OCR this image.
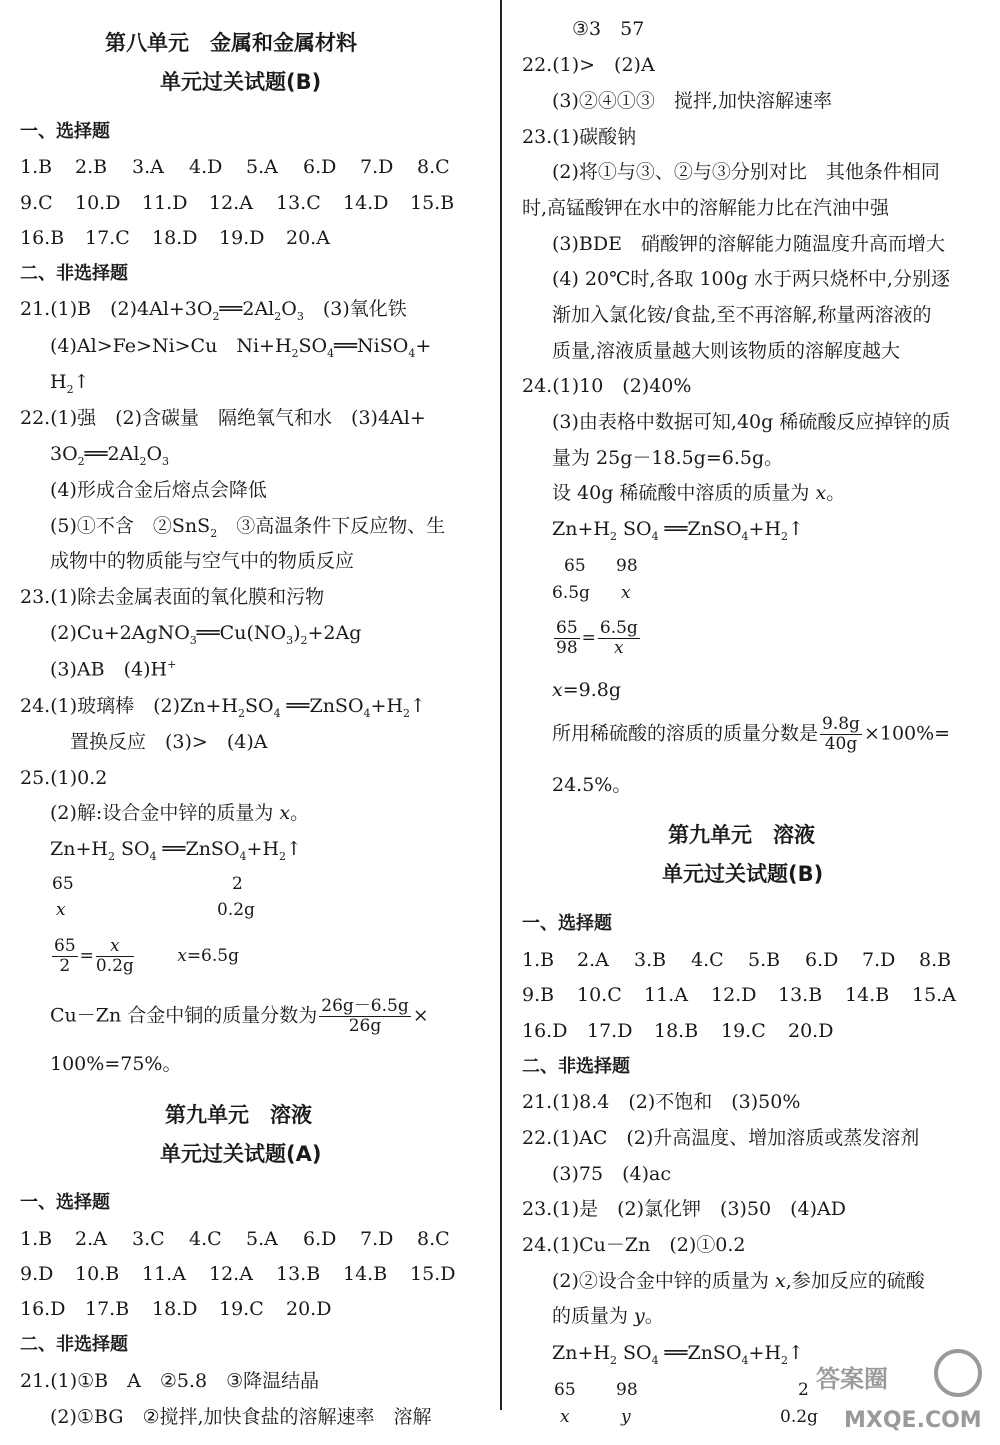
第八单元　金属和金属材料
单元过关试题(B)
一、选择题
1.B 2.B 3.A 4.D 5.A 6.D 7.D 8.C
9.C 10.D 11.D 12.A 13.C 14.D 15.B
16.B 17.C 18.D 19.D 20.A
二、非选择题
21.(1)B　$(2)4Al+3O_2══2Al_2O_3$　(3)氧化铁
(4)Al>Fe>Ni>Cu　$Ni+H_2SO_4══NiSO_4+$
$H_2↑$
22.(1)强　(2)含碳量　隔绝氧气和水　(3)4Al+
$3O_2══2Al_2O_3$
(4)形成合金后熔点会降低
(5)①不含　②SnS$_2$　③高温条件下反应物、生
成物中的物质能与空气中的物质反应
23.(1)除去金属表面的氧化膜和污物
$(2)Cu+2AgNO_3══Cu(NO_3)_2+2Ag$
(3)AB　(4)H+
24.(1)玻璃棒　$(2)Zn+H_2SO_4$ $══ZnSO_4+H_2↑$
置换反应　(3)>　(4)A
25.(1)0.2
(2)解:设合金中锌的质量为 x。
$Zn+H_2$ $SO_4$ $══ZnSO_4+H_2↑$
65	2
x	0.2g
$\frac{65}{2} = \frac{x}{0.2g}$	x=6.5g
Cu－Zn 合金中铜的质量分数为 $\frac{26g-6.5g}{26g}$ ×
100%=75%。
第九单元　溶液
单元过关试题(A)
一、选择题
1.B 2.A 3.C 4.C 5.A 6.D 7.D 8.C
9.D 10.B 11.A 12.A 13.B 14.B 15.D
16.D 17.B 18.D 19.C 20.D
二、非选择题
21.(1)①B　A　②5.8　③降温结晶
(2)①BG　②搅拌,加快食盐的溶解速率　溶解
③3　57
22.(1)>　(2)A
(3)②④①③　搅拌,加快溶解速率
23.(1)碳酸钠
(2)将①与③、②与③分别对比　其他条件相同
时,高锰酸钾在水中的溶解能力比在汽油中强
(3)BDE　硝酸钾的溶解能力随温度升高而增大
(4) 20℃时,各取 100g 水于两只烧杯中,分别逐
渐加入氯化铵/食盐,至不再溶解,称量两溶液的
质量,溶液质量越大则该物质的溶解度越大
24.(1)10　(2)40%
(3)由表格中数据可知,40g 稀硫酸反应掉锌的质
量为 25g－18.5g=6.5g。
设 40g 稀硫酸中溶质的质量为 x。
$Zn+H_2$ $SO_4$ $══ZnSO_4+H_2↑$
65 98
6.5g x
$\frac{65}{98} = \frac{6.5g}{x}$
x=9.8g
所用稀硫酸的溶质的质量分数是 $\frac{9.8g}{40g} \times 100\%=$
24.5%。
第九单元　溶液
单元过关试题(B)
一、选择题
1.B 2.A 3.B 4.C 5.B 6.D 7.D 8.B
9.B 10.C 11.A 12.D 13.B 14.B 15.A
16.D 17.D 18.B 19.C 20.D
二、非选择题
21.(1)8.4　(2)不饱和　(3)50%
22.(1)AC　(2)升高温度、增加溶质或蒸发溶剂
(3)75　(4)ac
23.(1)是　(2)氯化钾　(3)50　(4)AD
24.(1)Cu－Zn　(2)①0.2
(2)②设合金中锌的质量为 x,参加反应的硫酸
的质量为 y。
$Zn+H_2$ $SO_4$ $══ZnSO_4+H_2↑$
65 98	2
x	y	0.2g
答案圈
MXQE.COM
